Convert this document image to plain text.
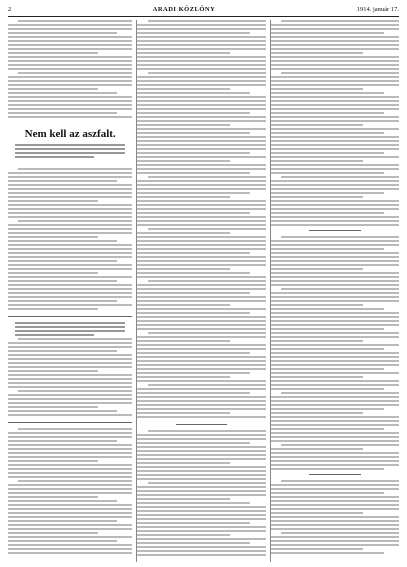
2	ARADI KÖZLÖNY	1914. január 17.
Nem kell az aszfalt.
